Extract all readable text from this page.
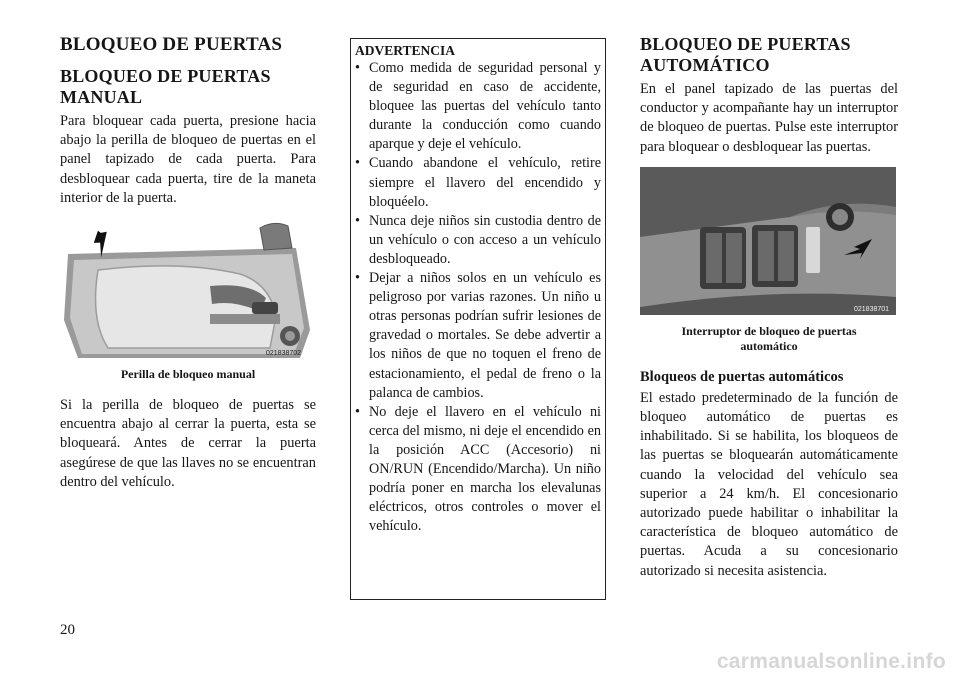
BLOQUEO DE PUERTAS
BLOQUEO DE PUERTAS MANUAL

Para bloquear cada puerta, presione hacia abajo la perilla de bloqueo de puertas en el panel tapizado de cada puerta. Para desbloquear cada puerta, tire de la maneta interior de la puerta.

021838702
Perilla de bloqueo manual

Si la perilla de bloqueo de puertas se encuentra abajo al cerrar la puerta, esta se bloqueará. Antes de cerrar la puerta asegúrese de que las llaves no se encuentran dentro del vehículo.

ADVERTENCIA
• Como medida de seguridad personal y de seguridad en caso de accidente, bloquee las puertas del vehículo tanto durante la conducción como cuando aparque y deje el vehículo.
• Cuando abandone el vehículo, retire siempre el llavero del encendido y bloquéelo.
• Nunca deje niños sin custodia dentro de un vehículo o con acceso a un vehículo desbloqueado.
• Dejar a niños solos en un vehículo es peligroso por varias razones. Un niño u otras personas podrían sufrir lesiones de gravedad o mortales. Se debe advertir a los niños de que no toquen el freno de estacionamiento, el pedal de freno o la palanca de cambios.
• No deje el llavero en el vehículo ni cerca del mismo, ni deje el encendido en la posición ACC (Accesorio) ni ON/RUN (Encendido/Marcha). Un niño podría poner en marcha los elevalunas eléctricos, otros controles o mover el vehículo.
BLOQUEO DE PUERTAS AUTOMÁTICO

En el panel tapizado de las puertas del conductor y acompañante hay un interruptor de bloqueo de puertas. Pulse este interruptor para bloquear o desbloquear las puertas.

021838701
Interruptor de bloqueo de puertas automático
Bloqueos de puertas automáticos

El estado predeterminado de la función de bloqueo automático de puertas es inhabilitado. Si se habilita, los bloqueos de las puertas se bloquearán automáticamente cuando la velocidad del vehículo sea superior a 24 km/h. El concesionario autorizado puede habilitar o inhabilitar la característica de bloqueo automático de puertas. Acuda a su concesionario autorizado si necesita asistencia.

20
carmanualsonline.info
